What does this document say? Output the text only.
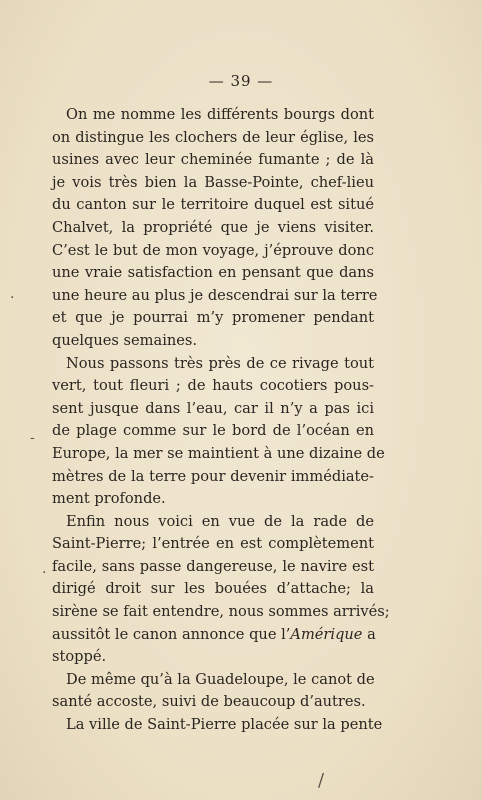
— 39 —

On me nomme les différents bourgs dont
on distingue les clochers de leur église, les
usines avec leur cheminée fumante ; de là
je vois très bien la Basse-Pointe, chef-lieu
du canton sur le territoire duquel est situé
Chalvet, la propriété que je viens visiter.
C’est le but de mon voyage, j’éprouve donc
une vraie satisfaction en pensant que dans
une heure au plus je descendrai sur la terre
et que je pourrai m’y promener pendant
quelques semaines.

Nous passons très près de ce rivage tout
vert, tout fleuri ; de hauts cocotiers pous-
sent jusque dans l’eau, car il n’y a pas ici
de plage comme sur le bord de l’océan en
Europe, la mer se maintient à une dizaine de
mètres de la terre pour devenir immédiate-
ment profonde.

Enfin nous voici en vue de la rade de
Saint-Pierre; l’entrée en est complètement
facile, sans passe dangereuse, le navire est
dirigé droit sur les bouées d’attache; la
sirène se fait entendre, nous sommes arrivés;
aussitôt le canon annonce que l’Amérique a
stoppé.

De même qu’à la Guadeloupe, le canot de
santé accoste, suivi de beaucoup d’autres.

La ville de Saint-Pierre placée sur la pente

·
-
·
/
